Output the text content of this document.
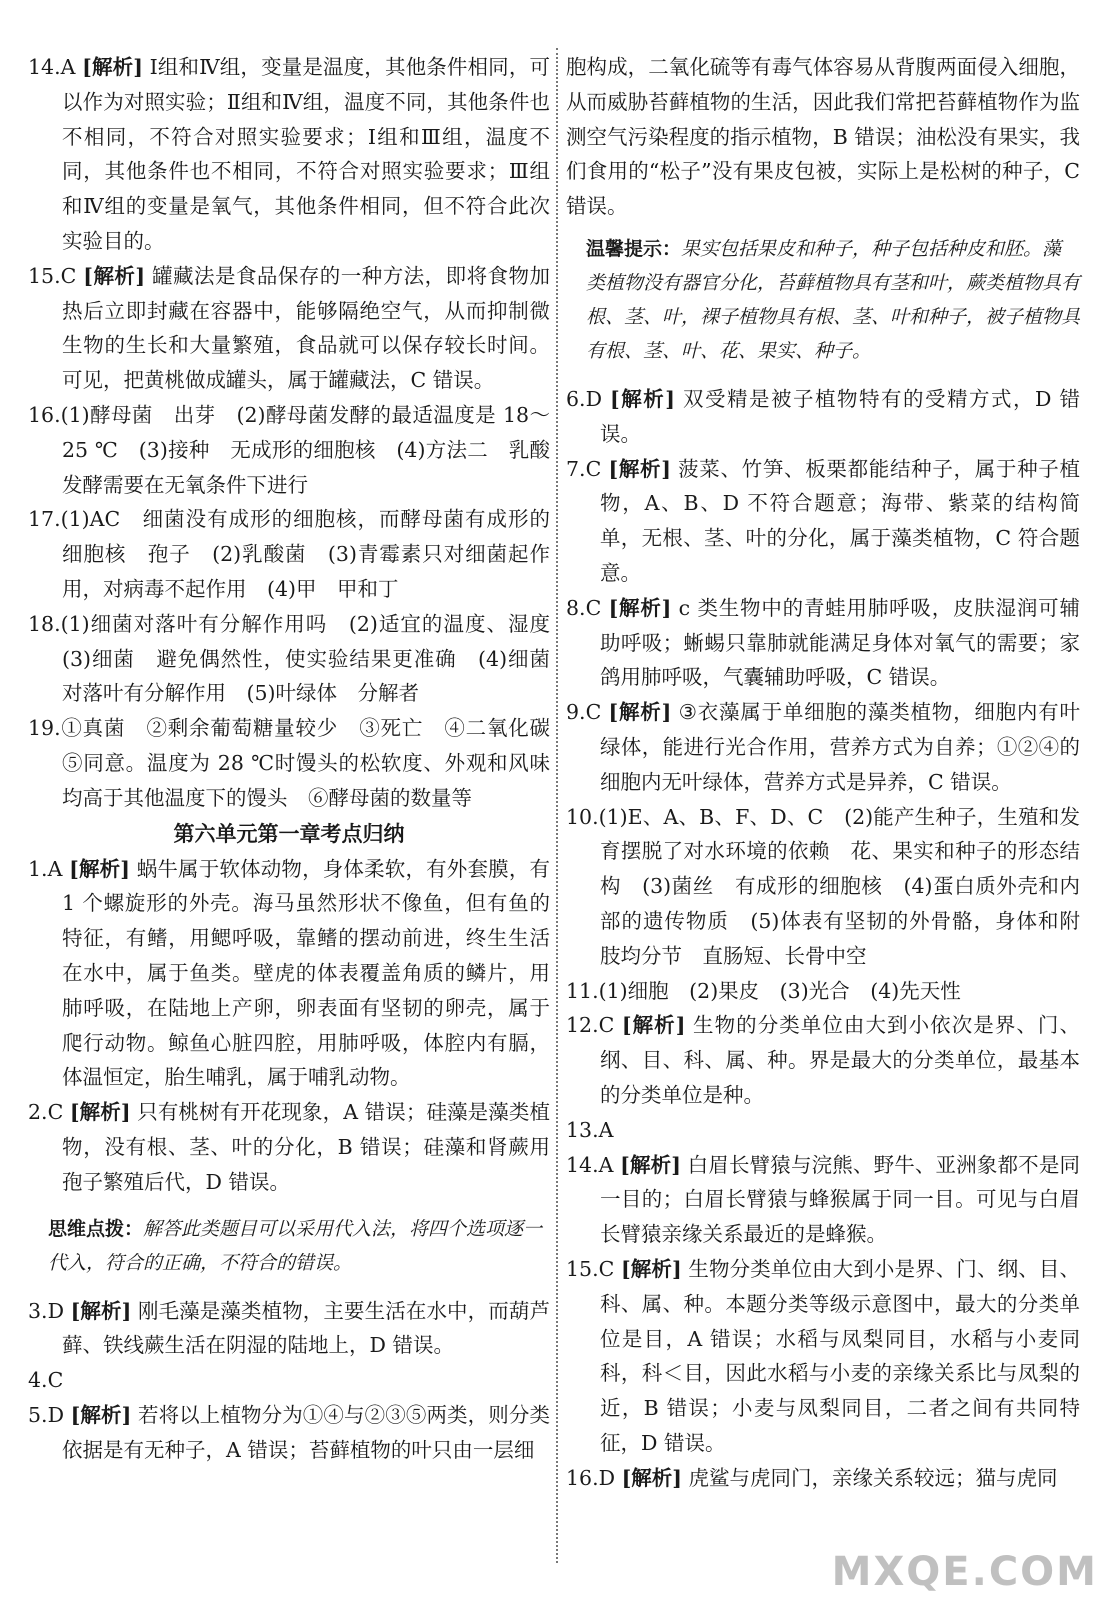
14.A [解析] Ⅰ组和Ⅳ组，变量是温度，其他条件相同，可以作为对照实验；Ⅱ组和Ⅳ组，温度不同，其他条件也不相同，不符合对照实验要求；Ⅰ组和Ⅲ组，温度不同，其他条件也不相同，不符合对照实验要求；Ⅲ组和Ⅳ组的变量是氧气，其他条件相同，但不符合此次实验目的。

15.C [解析] 罐藏法是食品保存的一种方法，即将食物加热后立即封藏在容器中，能够隔绝空气，从而抑制微生物的生长和大量繁殖，食品就可以保存较长时间。可见，把黄桃做成罐头，属于罐藏法，C 错误。

16.(1)酵母菌　出芽　(2)酵母菌发酵的最适温度是 18～25 ℃　(3)接种　无成形的细胞核　(4)方法二　乳酸发酵需要在无氧条件下进行

17.(1)AC　细菌没有成形的细胞核，而酵母菌有成形的细胞核　孢子　(2)乳酸菌　(3)青霉素只对细菌起作用，对病毒不起作用　(4)甲　甲和丁

18.(1)细菌对落叶有分解作用吗　(2)适宜的温度、湿度　(3)细菌　避免偶然性，使实验结果更准确　(4)细菌对落叶有分解作用　(5)叶绿体　分解者

19.①真菌　②剩余葡萄糖量较少　③死亡　④二氧化碳　⑤同意。温度为 28 ℃时馒头的松软度、外观和风味均高于其他温度下的馒头　⑥酵母菌的数量等

第六单元第一章考点归纳

1.A [解析] 蜗牛属于软体动物，身体柔软，有外套膜，有 1 个螺旋形的外壳。海马虽然形状不像鱼，但有鱼的特征，有鳍，用鳃呼吸，靠鳍的摆动前进，终生生活在水中，属于鱼类。壁虎的体表覆盖角质的鳞片，用肺呼吸，在陆地上产卵，卵表面有坚韧的卵壳，属于爬行动物。鲸鱼心脏四腔，用肺呼吸，体腔内有膈，体温恒定，胎生哺乳，属于哺乳动物。

2.C [解析] 只有桃树有开花现象，A 错误；硅藻是藻类植物，没有根、茎、叶的分化，B 错误；硅藻和肾蕨用孢子繁殖后代，D 错误。

思维点拨：解答此类题目可以采用代入法，将四个选项逐一代入，符合的正确，不符合的错误。

3.D [解析] 刚毛藻是藻类植物，主要生活在水中，而葫芦藓、铁线蕨生活在阴湿的陆地上，D 错误。

4.C

5.D [解析] 若将以上植物分为①④与②③⑤两类，则分类依据是有无种子，A 错误；苔藓植物的叶只由一层细

胞构成，二氧化硫等有毒气体容易从背腹两面侵入细胞，从而威胁苔藓植物的生活，因此我们常把苔藓植物作为监测空气污染程度的指示植物，B 错误；油松没有果实，我们食用的“松子”没有果皮包被，实际上是松树的种子，C 错误。

温馨提示：果实包括果皮和种子，种子包括种皮和胚。藻类植物没有器官分化，苔藓植物具有茎和叶，蕨类植物具有根、茎、叶，裸子植物具有根、茎、叶和种子，被子植物具有根、茎、叶、花、果实、种子。

6.D [解析] 双受精是被子植物特有的受精方式，D 错误。

7.C [解析] 菠菜、竹笋、板栗都能结种子，属于种子植物，A、B、D 不符合题意；海带、紫菜的结构简单，无根、茎、叶的分化，属于藻类植物，C 符合题意。

8.C [解析] c 类生物中的青蛙用肺呼吸，皮肤湿润可辅助呼吸；蜥蜴只靠肺就能满足身体对氧气的需要；家鸽用肺呼吸，气囊辅助呼吸，C 错误。

9.C [解析] ③衣藻属于单细胞的藻类植物，细胞内有叶绿体，能进行光合作用，营养方式为自养；①②④的细胞内无叶绿体，营养方式是异养，C 错误。

10.(1)E、A、B、F、D、C　(2)能产生种子，生殖和发育摆脱了对水环境的依赖　花、果实和种子的形态结构　(3)菌丝　有成形的细胞核　(4)蛋白质外壳和内部的遗传物质　(5)体表有坚韧的外骨骼，身体和附肢均分节　直肠短、长骨中空

11.(1)细胞　(2)果皮　(3)光合　(4)先天性

12.C [解析] 生物的分类单位由大到小依次是界、门、纲、目、科、属、种。界是最大的分类单位，最基本的分类单位是种。

13.A

14.A [解析] 白眉长臂猿与浣熊、野牛、亚洲象都不是同一目的；白眉长臂猿与蜂猴属于同一目。可见与白眉长臂猿亲缘关系最近的是蜂猴。

15.C [解析] 生物分类单位由大到小是界、门、纲、目、科、属、种。本题分类等级示意图中，最大的分类单位是目，A 错误；水稻与凤梨同目，水稻与小麦同科，科＜目，因此水稻与小麦的亲缘关系比与凤梨的近，B 错误；小麦与凤梨同目，二者之间有共同特征，D 错误。

16.D [解析] 虎鲨与虎同门，亲缘关系较远；猫与虎同

MXQE.COM
